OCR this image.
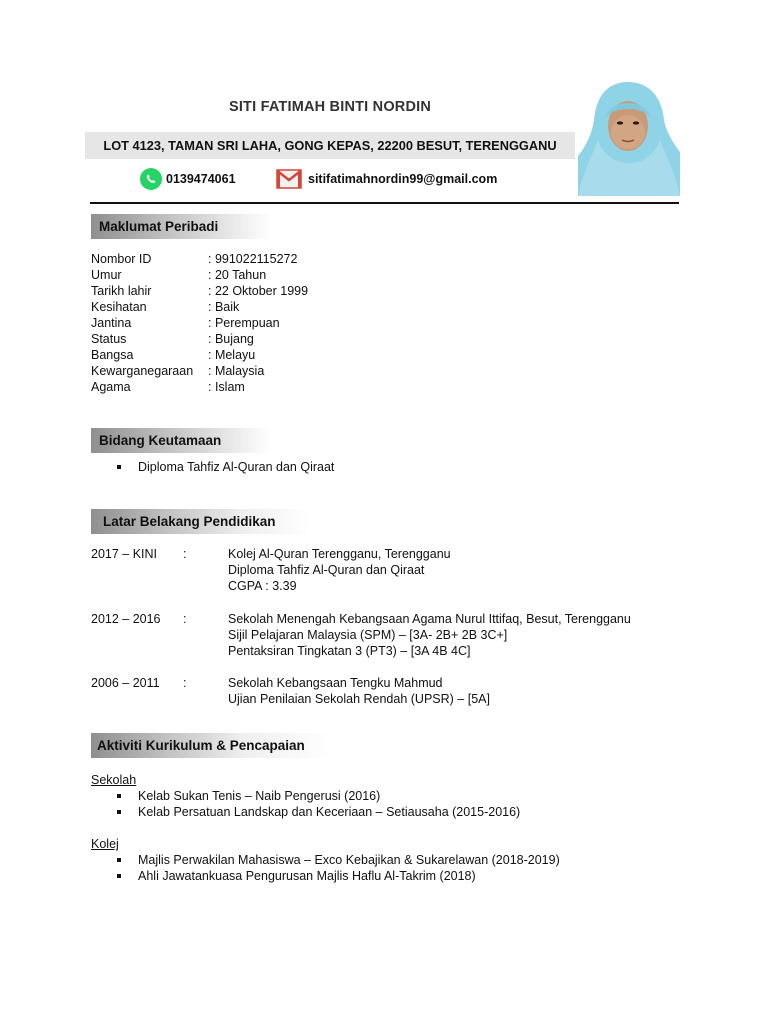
SITI FATIMAH BINTI NORDIN
LOT 4123, TAMAN SRI LAHA, GONG KEPAS, 22200 BESUT, TERENGGANU
0139474061	sitifatimahnordin99@gmail.com
Maklumat Peribadi
Nombor ID	: 991022115272
Umur	: 20 Tahun
Tarikh lahir	: 22 Oktober 1999
Kesihatan	: Baik
Jantina	: Perempuan
Status	: Bujang
Bangsa	: Melayu
Kewarganegaraan	: Malaysia
Agama	: Islam
Bidang Keutamaan
Diploma Tahfiz Al-Quran dan Qiraat
Latar Belakang Pendidikan
2017 – KINI	:	Kolej Al-Quran Terengganu, Terengganu
Diploma Tahfiz Al-Quran dan Qiraat
CGPA : 3.39
2012 – 2016	:	Sekolah Menengah Kebangsaan Agama Nurul Ittifaq, Besut, Terengganu
Sijil Pelajaran Malaysia (SPM) – [3A- 2B+ 2B 3C+]
Pentaksiran Tingkatan 3 (PT3) – [3A 4B 4C]
2006 – 2011	:	Sekolah Kebangsaan Tengku Mahmud
Ujian Penilaian Sekolah Rendah (UPSR) – [5A]
Aktiviti Kurikulum & Pencapaian
Sekolah
Kelab Sukan Tenis – Naib Pengerusi (2016)
Kelab Persatuan Landskap dan Keceriaan – Setiausaha (2015-2016)
Kolej
Majlis Perwakilan Mahasiswa – Exco Kebajikan & Sukarelawan (2018-2019)
Ahli Jawatankuasa Pengurusan Majlis Haflu Al-Takrim (2018)
